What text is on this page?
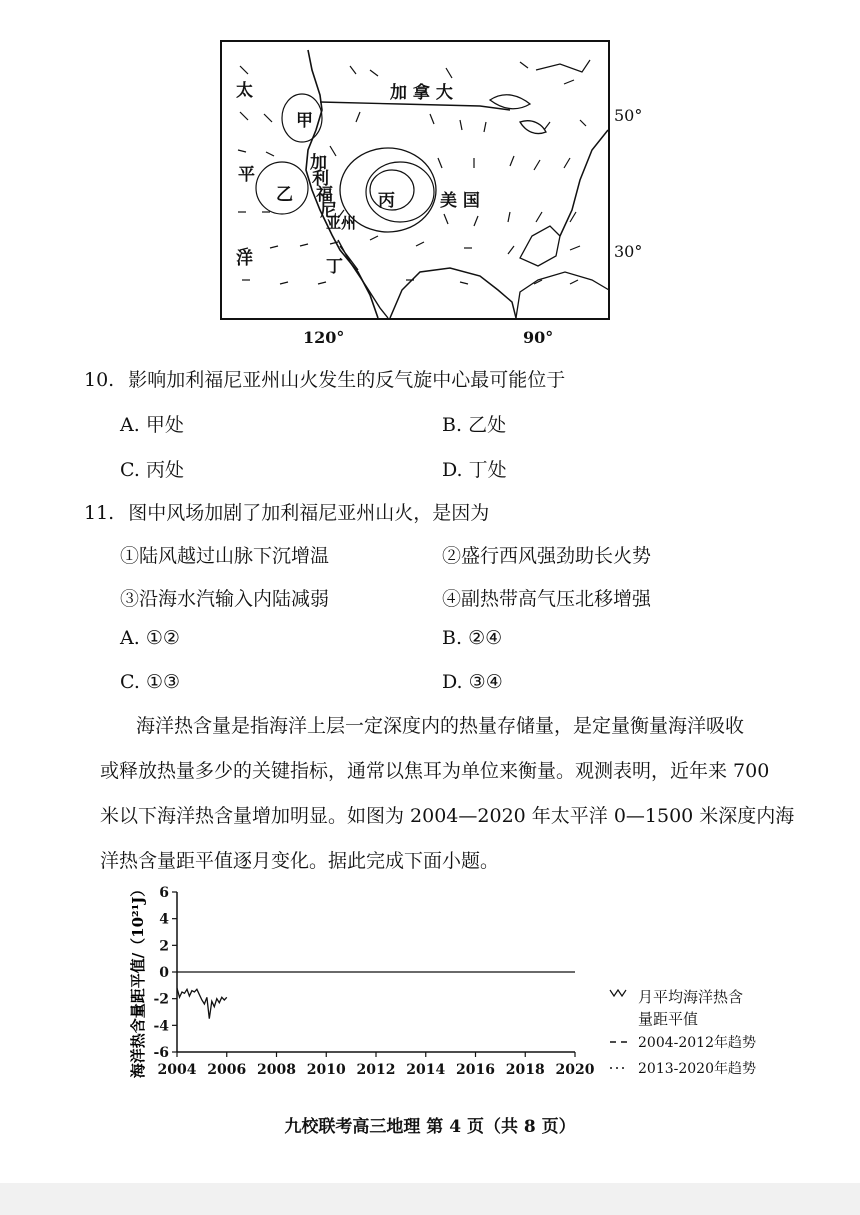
太
平
洋
甲
乙	丙
丁
加
利
福
尼
亚州
加 拿 大
美 国
50°
30°
120°	90°
10. 影响加利福尼亚州山火发生的反气旋中心最可能位于
A. 甲处	B. 乙处
C. 丙处	D. 丁处
11. 图中风场加剧了加利福尼亚州山火，是因为
①陆风越过山脉下沉增温	②盛行西风强劲助长火势
③沿海水汽输入内陆减弱	④副热带高气压北移增强
A. ①②	B. ②④
C. ①③	D. ③④
海洋热含量是指海洋上层一定深度内的热量存储量，是定量衡量海洋吸收
或释放热量多少的关键指标，通常以焦耳为单位来衡量。观测表明，近年来 700
米以下海洋热含量增加明显。如图为 2004—2020 年太平洋 0—1500 米深度内海
洋热含量距平值逐月变化。据此完成下面小题。
海洋热含量距平值/（10²¹J） 6
4
2
0
-2
-4
-6
2004 2006 2008 2010 2012 2014 2016 2018 2020
月平均海洋热含
量距平值
2004-2012年趋势
2013-2020年趋势
九校联考高三地理 第 4 页（共 8 页）
